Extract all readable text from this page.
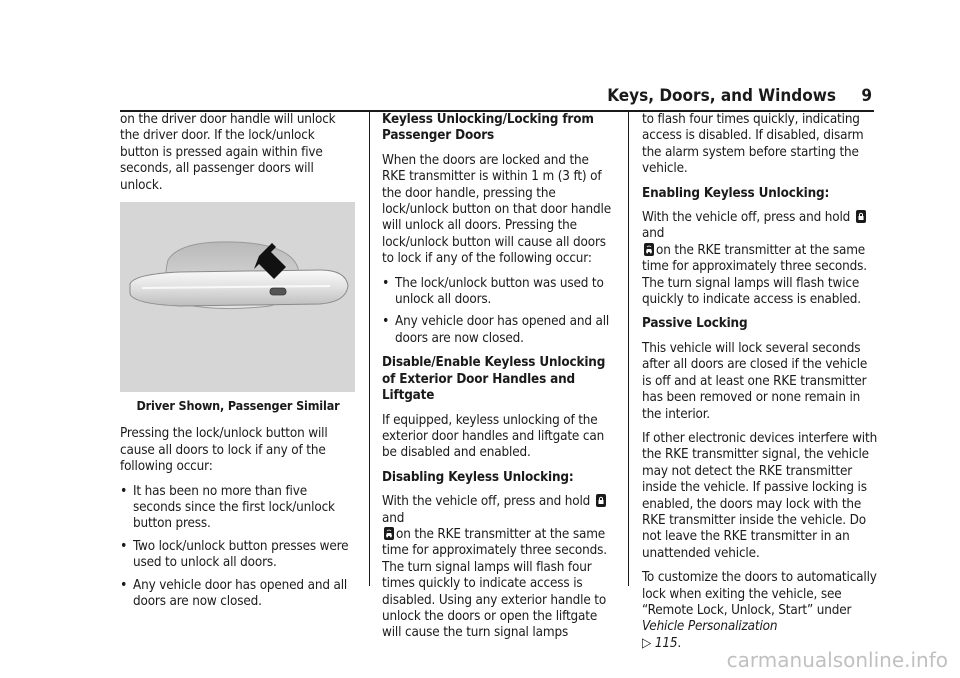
Keys, Doors, and Windows 9

on the driver door handle will unlock the driver door. If the lock/unlock button is pressed again within five seconds, all passenger doors will unlock.

Driver Shown, Passenger Similar

Pressing the lock/unlock button will cause all doors to lock if any of the following occur:

• It has been no more than five seconds since the first lock/unlock button press.
• Two lock/unlock button presses were used to unlock all doors.
• Any vehicle door has opened and all doors are now closed.

Keyless Unlocking/Locking from Passenger Doors

When the doors are locked and the RKE transmitter is within 1 m (3 ft) of the door handle, pressing the lock/unlock button on that door handle will unlock all doors. Pressing the lock/unlock button will cause all doors to lock if any of the following occur:

• The lock/unlock button was used to unlock all doors.
• Any vehicle door has opened and all doors are now closed.

Disable/Enable Keyless Unlocking of Exterior Door Handles and Liftgate

If equipped, keyless unlocking of the exterior door handles and liftgate can be disabled and enabled.

Disabling Keyless Unlocking:

With the vehicle off, press and hold and
on the RKE transmitter at the same time for approximately three seconds. The turn signal lamps will flash four times quickly to indicate access is disabled. Using any exterior handle to unlock the doors or open the liftgate will cause the turn signal lamps

to flash four times quickly, indicating access is disabled. If disabled, disarm the alarm system before starting the vehicle.

Enabling Keyless Unlocking:

With the vehicle off, press and hold and
on the RKE transmitter at the same time for approximately three seconds. The turn signal lamps will flash twice quickly to indicate access is enabled.

Passive Locking

This vehicle will lock several seconds after all doors are closed if the vehicle is off and at least one RKE transmitter has been removed or none remain in the interior.

If other electronic devices interfere with the RKE transmitter signal, the vehicle may not detect the RKE transmitter inside the vehicle. If passive locking is enabled, the doors may lock with the RKE transmitter inside the vehicle. Do not leave the RKE transmitter in an unattended vehicle.

To customize the doors to automatically lock when exiting the vehicle, see “Remote Lock, Unlock, Start” under Vehicle Personalization
▷ 115.

carmanualsonline.info
